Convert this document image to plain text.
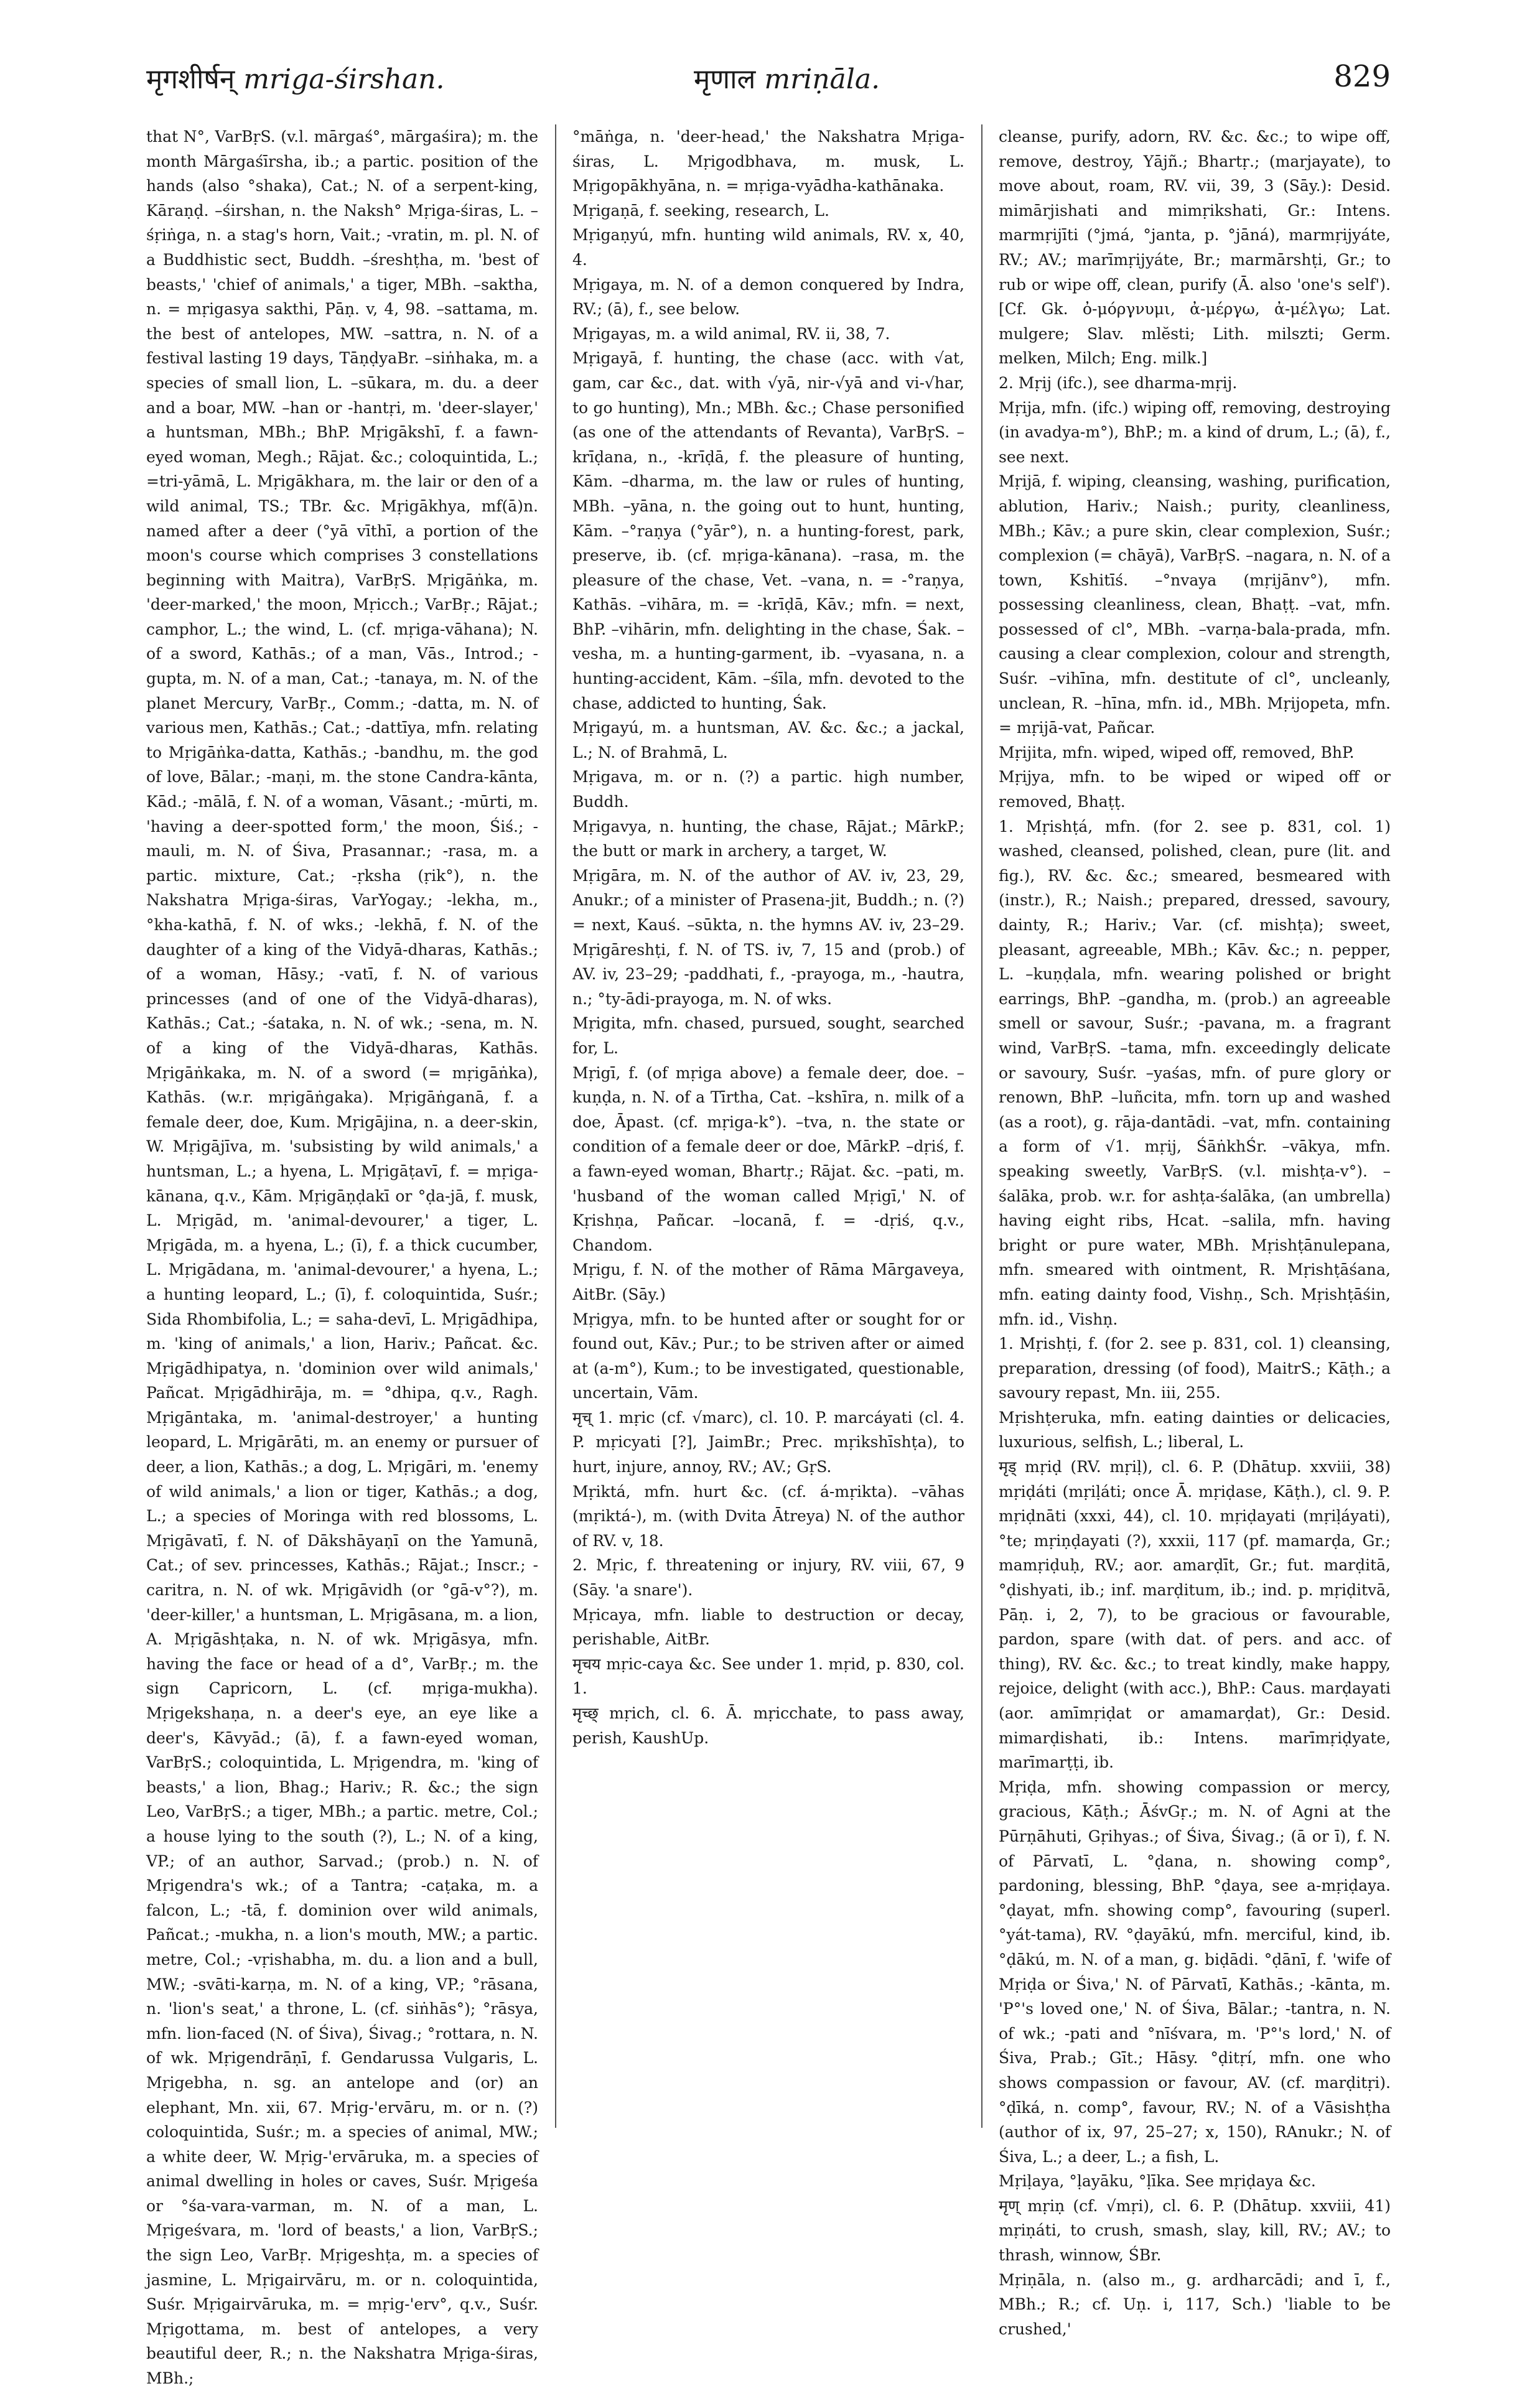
मृगशीर्षन् mriga-śirshan.	मृणाल mriṇāla.	829

that N°, VarBṛS. (v.l. mārgaś°, mārgaśira); m. the month Mārgaśīrsha, ib.; a partic. position of the hands (also °shaka), Cat.; N. of a serpent-king, Kāraṇḍ. –śirshan, n. the Naksh° Mṛiga-śiras, L. –śṛiṅga, n. a stag's horn, Vait.; -vratin, m. pl. N. of a Buddhistic sect, Buddh. –śreshṭha, m. 'best of beasts,' 'chief of animals,' a tiger, MBh. –saktha, n. = mṛigasya sakthi, Pāṇ. v, 4, 98. –sattama, m. the best of antelopes, MW. –sattra, n. N. of a festival lasting 19 days, TāṇḍyaBr. –siṅhaka, m. a species of small lion, L. –sūkara, m. du. a deer and a boar, MW. –han or -hantṛi, m. 'deer-slayer,' a huntsman, MBh.; BhP. Mṛigākshī, f. a fawn-eyed woman, Megh.; Rājat. &c.; coloquintida, L.; =tri-yāmā, L. Mṛigākhara, m. the lair or den of a wild animal, TS.; TBr. &c. Mṛigākhya, mf(ā)n. named after a deer (°yā vīthī, a portion of the moon's course which comprises 3 constellations beginning with Maitra), VarBṛS. Mṛigāṅka, m. 'deer-marked,' the moon, Mṛicch.; VarBṛ.; Rājat.; camphor, L.; the wind, L. (cf. mṛiga-vāhana); N. of a sword, Kathās.; of a man, Vās., Introd.; -gupta, m. N. of a man, Cat.; -tanaya, m. N. of the planet Mercury, VarBṛ., Comm.; -datta, m. N. of various men, Kathās.; Cat.; -dattīya, mfn. relating to Mṛigāṅka-datta, Kathās.; -bandhu, m. the god of love, Bālar.; -maṇi, m. the stone Candra-kānta, Kād.; -mālā, f. N. of a woman, Vāsant.; -mūrti, m. 'having a deer-spotted form,' the moon, Śiś.; -mauli, m. N. of Śiva, Prasannar.; -rasa, m. a partic. mixture, Cat.; -ṛksha (ṛik°), n. the Nakshatra Mṛiga-śiras, VarYogay.; -lekha, m., °kha-kathā, f. N. of wks.; -lekhā, f. N. of the daughter of a king of the Vidyā-dharas, Kathās.; of a woman, Hāsy.; -vatī, f. N. of various princesses (and of one of the Vidyā-dharas), Kathās.; Cat.; -śataka, n. N. of wk.; -sena, m. N. of a king of the Vidyā-dharas, Kathās. Mṛigāṅkaka, m. N. of a sword (= mṛigāṅka), Kathās. (w.r. mṛigāṅgaka). Mṛigāṅganā, f. a female deer, doe, Kum. Mṛigājina, n. a deer-skin, W. Mṛigājīva, m. 'subsisting by wild animals,' a huntsman, L.; a hyena, L. Mṛigāṭavī, f. = mṛiga-kānana, q.v., Kām. Mṛigāṇḍakī or °ḍa-jā, f. musk, L. Mṛigād, m. 'animal-devourer,' a tiger, L. Mṛigāda, m. a hyena, L.; (ī), f. a thick cucumber, L. Mṛigādana, m. 'animal-devourer,' a hyena, L.; a hunting leopard, L.; (ī), f. coloquintida, Suśr.; Sida Rhombifolia, L.; = saha-devī, L. Mṛigādhipa, m. 'king of animals,' a lion, Hariv.; Pañcat. &c. Mṛigādhipatya, n. 'dominion over wild animals,' Pañcat. Mṛigādhirāja, m. = °dhipa, q.v., Ragh. Mṛigāntaka, m. 'animal-destroyer,' a hunting leopard, L. Mṛigārāti, m. an enemy or pursuer of deer, a lion, Kathās.; a dog, L. Mṛigāri, m. 'enemy of wild animals,' a lion or tiger, Kathās.; a dog, L.; a species of Moringa with red blossoms, L. Mṛigāvatī, f. N. of Dākshāyaṇī on the Yamunā, Cat.; of sev. princesses, Kathās.; Rājat.; Inscr.; -caritra, n. N. of wk. Mṛigāvidh (or °gā-v°?), m. 'deer-killer,' a huntsman, L. Mṛigāsana, m. a lion, A. Mṛigāshṭaka, n. N. of wk. Mṛigāsya, mfn. having the face or head of a d°, VarBṛ.; m. the sign Capricorn, L. (cf. mṛiga-mukha). Mṛigekshaṇa, n. a deer's eye, an eye like a deer's, Kāvyād.; (ā), f. a fawn-eyed woman, VarBṛS.; coloquintida, L. Mṛigendra, m. 'king of beasts,' a lion, Bhag.; Hariv.; R. &c.; the sign Leo, VarBṛS.; a tiger, MBh.; a partic. metre, Col.; a house lying to the south (?), L.; N. of a king, VP.; of an author, Sarvad.; (prob.) n. N. of Mṛigendra's wk.; of a Tantra; -caṭaka, m. a falcon, L.; -tā, f. dominion over wild animals, Pañcat.; -mukha, n. a lion's mouth, MW.; a partic. metre, Col.; -vṛishabha, m. du. a lion and a bull, MW.; -svāti-karṇa, m. N. of a king, VP.; °rāsana, n. 'lion's seat,' a throne, L. (cf. siṅhās°); °rāsya, mfn. lion-faced (N. of Śiva), Śivag.; °rottara, n. N. of wk. Mṛigendrāṇī, f. Gendarussa Vulgaris, L. Mṛigebha, n. sg. an antelope and (or) an elephant, Mn. xii, 67. Mṛig-'ervāru, m. or n. (?) coloquintida, Suśr.; m. a species of animal, MW.; a white deer, W. Mṛig-'ervāruka, m. a species of animal dwelling in holes or caves, Suśr. Mṛigeśa or °śa-vara-varman, m. N. of a man, L. Mṛigeśvara, m. 'lord of beasts,' a lion, VarBṛS.; the sign Leo, VarBṛ. Mṛigeshṭa, m. a species of jasmine, L. Mṛigairvāru, m. or n. coloquintida, Suśr. Mṛigairvāruka, m. = mṛig-'erv°, q.v., Suśr. Mṛigottama, m. best of antelopes, a very beautiful deer, R.; n. the Nakshatra Mṛiga-śiras, MBh.;

°māṅga, n. 'deer-head,' the Nakshatra Mṛiga-śiras, L. Mṛigodbhava, m. musk, L. Mṛigopākhyāna, n. = mṛiga-vyādha-kathānaka.

Mṛigaṇā, f. seeking, research, L.

Mṛigaṇyú, mfn. hunting wild animals, RV. x, 40, 4.

Mṛigaya, m. N. of a demon conquered by Indra, RV.; (ā), f., see below.

Mṛigayas, m. a wild animal, RV. ii, 38, 7.

Mṛigayā, f. hunting, the chase (acc. with √at, gam, car &c., dat. with √yā, nir-√yā and vi-√har, to go hunting), Mn.; MBh. &c.; Chase personified (as one of the attendants of Revanta), VarBṛS. –krīḍana, n., -krīḍā, f. the pleasure of hunting, Kām. –dharma, m. the law or rules of hunting, MBh. –yāna, n. the going out to hunt, hunting, Kām. –°raṇya (°yār°), n. a hunting-forest, park, preserve, ib. (cf. mṛiga-kānana). –rasa, m. the pleasure of the chase, Vet. –vana, n. = -°raṇya, Kathās. –vihāra, m. = -krīḍā, Kāv.; mfn. = next, BhP. –vihārin, mfn. delighting in the chase, Śak. –vesha, m. a hunting-garment, ib. –vyasana, n. a hunting-accident, Kām. –śīla, mfn. devoted to the chase, addicted to hunting, Śak.

Mṛigayú, m. a huntsman, AV. &c. &c.; a jackal, L.; N. of Brahmā, L.

Mṛigava, m. or n. (?) a partic. high number, Buddh.

Mṛigavya, n. hunting, the chase, Rājat.; MārkP.; the butt or mark in archery, a target, W.

Mṛigāra, m. N. of the author of AV. iv, 23, 29, Anukr.; of a minister of Prasena-jit, Buddh.; n. (?) = next, Kauś. –sūkta, n. the hymns AV. iv, 23–29. Mṛigāreshṭi, f. N. of TS. iv, 7, 15 and (prob.) of AV. iv, 23–29; -paddhati, f., -prayoga, m., -hautra, n.; °ty-ādi-prayoga, m. N. of wks.

Mṛigita, mfn. chased, pursued, sought, searched for, L.

Mṛigī, f. (of mṛiga above) a female deer, doe. –kuṇḍa, n. N. of a Tīrtha, Cat. –kshīra, n. milk of a doe, Āpast. (cf. mṛiga-k°). –tva, n. the state or condition of a female deer or doe, MārkP. –dṛiś, f. a fawn-eyed woman, Bhartṛ.; Rājat. &c. –pati, m. 'husband of the woman called Mṛigī,' N. of Kṛishṇa, Pañcar. –locanā, f. = -dṛiś, q.v., Chandom.

Mṛigu, f. N. of the mother of Rāma Mārgaveya, AitBr. (Sāy.)

Mṛigya, mfn. to be hunted after or sought for or found out, Kāv.; Pur.; to be striven after or aimed at (a-m°), Kum.; to be investigated, questionable, uncertain, Vām.

मृच् 1. mṛic (cf. √marc), cl. 10. P. marcáyati (cl. 4. P. mṛicyati [?], JaimBr.; Prec. mṛikshīshṭa), to hurt, injure, annoy, RV.; AV.; GṛS.

Mṛiktá, mfn. hurt &c. (cf. á-mṛikta). –vāhas (mṛiktá-), m. (with Dvita Ātreya) N. of the author of RV. v, 18.

2. Mṛic, f. threatening or injury, RV. viii, 67, 9 (Sāy. 'a snare').

Mṛicaya, mfn. liable to destruction or decay, perishable, AitBr.

मृचय mṛic-caya &c. See under 1. mṛid, p. 830, col. 1.

मृच्छ् mṛich, cl. 6. Ā. mṛicchate, to pass away, perish, KaushUp.

cleanse, purify, adorn, RV. &c. &c.; to wipe off, remove, destroy, Yājñ.; Bhartṛ.; (marjayate), to move about, roam, RV. vii, 39, 3 (Sāy.): Desid. mimārjishati and mimṛikshati, Gr.: Intens. marmṛijīti (°jmá, °janta, p. °jāná), marmṛijyáte, RV.; AV.; marīmṛijyáte, Br.; marmārshṭi, Gr.; to rub or wipe off, clean, purify (Ā. also 'one's self'). [Cf. Gk. ὀ-μόργνυμι, ἀ-μέργω, ἀ-μέλγω; Lat. mulgere; Slav. mlĕsti; Lith. milszti; Germ. melken, Milch; Eng. milk.]

2. Mṛij (ifc.), see dharma-mṛij.

Mṛija, mfn. (ifc.) wiping off, removing, destroying (in avadya-m°), BhP.; m. a kind of drum, L.; (ā), f., see next.

Mṛijā, f. wiping, cleansing, washing, purification, ablution, Hariv.; Naish.; purity, cleanliness, MBh.; Kāv.; a pure skin, clear complexion, Suśr.; complexion (= chāyā), VarBṛS. –nagara, n. N. of a town, Kshitīś. –°nvaya (mṛijānv°), mfn. possessing cleanliness, clean, Bhaṭṭ. –vat, mfn. possessed of cl°, MBh. –varṇa-bala-prada, mfn. causing a clear complexion, colour and strength, Suśr. –vihīna, mfn. destitute of cl°, uncleanly, unclean, R. –hīna, mfn. id., MBh. Mṛijopeta, mfn. = mṛijā-vat, Pañcar.

Mṛijita, mfn. wiped, wiped off, removed, BhP.

Mṛijya, mfn. to be wiped or wiped off or removed, Bhaṭṭ.

1. Mṛishṭá, mfn. (for 2. see p. 831, col. 1) washed, cleansed, polished, clean, pure (lit. and fig.), RV. &c. &c.; smeared, besmeared with (instr.), R.; Naish.; prepared, dressed, savoury, dainty, R.; Hariv.; Var. (cf. mishṭa); sweet, pleasant, agreeable, MBh.; Kāv. &c.; n. pepper, L. –kuṇḍala, mfn. wearing polished or bright earrings, BhP. –gandha, m. (prob.) an agreeable smell or savour, Suśr.; -pavana, m. a fragrant wind, VarBṛS. –tama, mfn. exceedingly delicate or savoury, Suśr. –yaśas, mfn. of pure glory or renown, BhP. –luñcita, mfn. torn up and washed (as a root), g. rāja-dantādi. –vat, mfn. containing a form of √1. mṛij, ŚāṅkhŚr. –vākya, mfn. speaking sweetly, VarBṛS. (v.l. mishṭa-v°). –śalāka, prob. w.r. for ashṭa-śalāka, (an umbrella) having eight ribs, Hcat. –salila, mfn. having bright or pure water, MBh. Mṛishṭānulepana, mfn. smeared with ointment, R. Mṛishṭāśana, mfn. eating dainty food, Vishṇ., Sch. Mṛishṭāśin, mfn. id., Vishṇ.

1. Mṛishṭi, f. (for 2. see p. 831, col. 1) cleansing, preparation, dressing (of food), MaitrS.; Kāṭh.; a savoury repast, Mn. iii, 255.

Mṛishṭeruka, mfn. eating dainties or delicacies, luxurious, selfish, L.; liberal, L.

मृड् mṛiḍ (RV. mṛiḷ), cl. 6. P. (Dhātup. xxviii, 38) mṛiḍáti (mṛiḷáti; once Ā. mṛiḍase, Kāṭh.), cl. 9. P. mṛiḍnāti (xxxi, 44), cl. 10. mṛiḍayati (mṛiḷáyati), °te; mṛiṇḍayati (?), xxxii, 117 (pf. mamarḍa, Gr.; mamṛiḍuḥ, RV.; aor. amarḍīt, Gr.; fut. marḍitā, °ḍishyati, ib.; inf. marḍitum, ib.; ind. p. mṛiḍitvā, Pāṇ. i, 2, 7), to be gracious or favourable, pardon, spare (with dat. of pers. and acc. of thing), RV. &c. &c.; to treat kindly, make happy, rejoice, delight (with acc.), BhP.: Caus. marḍayati (aor. amīmṛiḍat or amamarḍat), Gr.: Desid. mimarḍishati, ib.: Intens. marīmṛiḍyate, marīmarṭṭi, ib.

Mṛiḍa, mfn. showing compassion or mercy, gracious, Kāṭh.; ĀśvGṛ.; m. N. of Agni at the Pūrṇāhuti, Gṛihyas.; of Śiva, Śivag.; (ā or ī), f. N. of Pārvatī, L. °ḍana, n. showing comp°, pardoning, blessing, BhP. °ḍaya, see a-mṛiḍaya. °ḍayat, mfn. showing comp°, favouring (superl. °yát-tama), RV. °ḍayākú, mfn. merciful, kind, ib. °ḍākú, m. N. of a man, g. biḍādi. °ḍānī, f. 'wife of Mṛiḍa or Śiva,' N. of Pārvatī, Kathās.; -kānta, m. 'P°'s loved one,' N. of Śiva, Bālar.; -tantra, n. N. of wk.; -pati and °nīśvara, m. 'P°'s lord,' N. of Śiva, Prab.; Gīt.; Hāsy. °ḍitṛí, mfn. one who shows compassion or favour, AV. (cf. marḍitṛi). °ḍīká, n. comp°, favour, RV.; N. of a Vāsishṭha (author of ix, 97, 25–27; x, 150), RAnukr.; N. of Śiva, L.; a deer, L.; a fish, L.

Mṛiḷaya, °ḷayāku, °ḷīka. See mṛiḍaya &c.

मृण् mṛiṇ (cf. √mṛi), cl. 6. P. (Dhātup. xxviii, 41) mṛiṇáti, to crush, smash, slay, kill, RV.; AV.; to thrash, winnow, ŚBr.

Mṛiṇāla, n. (also m., g. ardharcādi; and ī, f., MBh.; R.; cf. Uṇ. i, 117, Sch.) 'liable to be crushed,'
